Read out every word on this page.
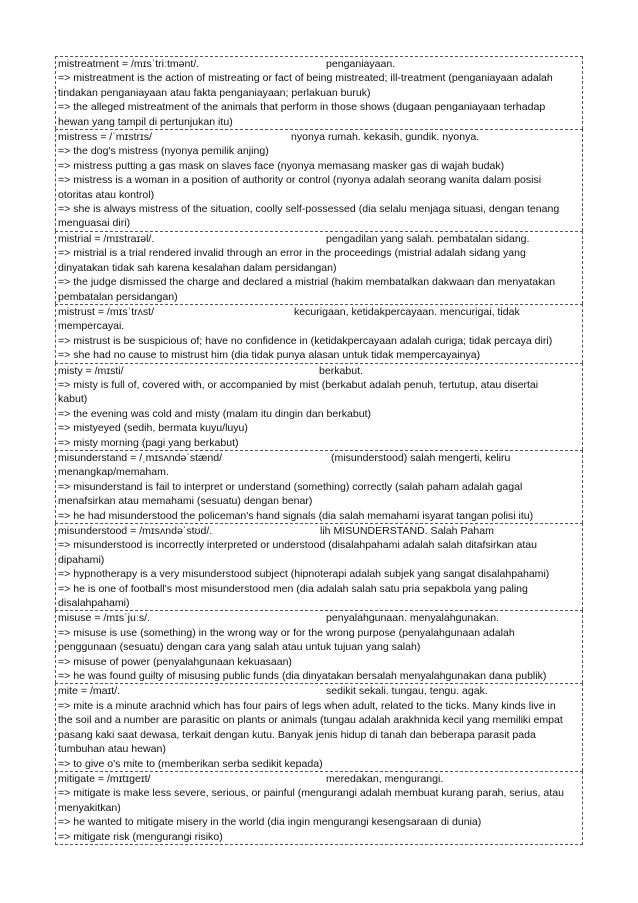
mistreatment = /mɪsˈtriːtmənt/.	penganiayaan.
=> mistreatment is the action of mistreating or fact of being mistreated; ill-treatment (penganiayaan adalah
tindakan penganiayaan atau fakta penganiayaan; perlakuan buruk)
=> the alleged mistreatment of the animals that perform in those shows (dugaan penganiayaan terhadap
hewan yang tampil di pertunjukan itu)
mistress = /ˈmɪstrɪs/	nyonya rumah. kekasih, gundik. nyonya.
=> the dog's mistress (nyonya pemilik anjing)
=> mistress putting a gas mask on slaves face (nyonya memasang masker gas di wajah budak)
=> mistress is a woman in a position of authority or control (nyonya adalah seorang wanita dalam posisi
otoritas atau kontrol)
=> she is always mistress of the situation, coolly self-possessed (dia selalu menjaga situasi, dengan tenang
menguasai diri)
mistrial = /mɪstraɪəl/.	pengadilan yang salah. pembatalan sidang.
=> mistrial is a trial rendered invalid through an error in the proceedings (mistrial adalah sidang yang
dinyatakan tidak sah karena kesalahan dalam persidangan)
=> the judge dismissed the charge and declared a mistrial (hakim membatalkan dakwaan dan menyatakan
pembatalan persidangan)
mistrust = /mɪsˈtrʌst/	kecurigaan, ketidakpercayaan. mencurigai, tidak
mempercayai.
=> mistrust is be suspicious of; have no confidence in (ketidakpercayaan adalah curiga; tidak percaya diri)
=> she had no cause to mistrust him (dia tidak punya alasan untuk tidak mempercayainya)
misty = /mɪsti/	berkabut.
=> misty is full of, covered with, or accompanied by mist (berkabut adalah penuh, tertutup, atau disertai
kabut)
=> the evening was cold and misty (malam itu dingin dan berkabut)
=> mistyeyed (sedih, bermata kuyu/luyu)
=> misty morning (pagi yang berkabut)
misunderstand = /ˌmɪsʌndəˈstænd/	(misunderstood) salah mengerti, keliru
menangkap/memaham.
=> misunderstand is fail to interpret or understand (something) correctly (salah paham adalah gagal
menafsirkan atau memahami (sesuatu) dengan benar)
=> he had misunderstood the policeman's hand signals (dia salah memahami isyarat tangan polisi itu)
misunderstood = /mɪsʌndəˈstʊd/.	lih MISUNDERSTAND. Salah Paham
=> misunderstood is incorrectly interpreted or understood (disalahpahami adalah salah ditafsirkan atau
dipahami)
=> hypnotherapy is a very misunderstood subject (hipnoterapi adalah subjek yang sangat disalahpahami)
=> he is one of football's most misunderstood men (dia adalah salah satu pria sepakbola yang paling
disalahpahami)
misuse = /mɪsˈjuːs/.	penyalahgunaan. menyalahgunakan.
=> misuse is use (something) in the wrong way or for the wrong purpose (penyalahgunaan adalah
penggunaan (sesuatu) dengan cara yang salah atau untuk tujuan yang salah)
=> misuse of power (penyalahgunaan kekuasaan)
=> he was found guilty of misusing public funds (dia dinyatakan bersalah menyalahgunakan dana publik)
mite = /maɪt/.	sedikit sekali. tungau, tengu. agak.
=> mite is a minute arachnid which has four pairs of legs when adult, related to the ticks. Many kinds live in
the soil and a number are parasitic on plants or animals (tungau adalah arakhnida kecil yang memiliki empat
pasang kaki saat dewasa, terkait dengan kutu. Banyak jenis hidup di tanah dan beberapa parasit pada
tumbuhan atau hewan)
=> to give o's mite to (memberikan serba sedikit kepada)
mitigate = /mɪtɪgeɪt/	meredakan, mengurangi.
=> mitigate is make less severe, serious, or painful (mengurangi adalah membuat kurang parah, serius, atau
menyakitkan)
=> he wanted to mitigate misery in the world (dia ingin mengurangi kesengsaraan di dunia)
=> mitigate risk (mengurangi risiko)
